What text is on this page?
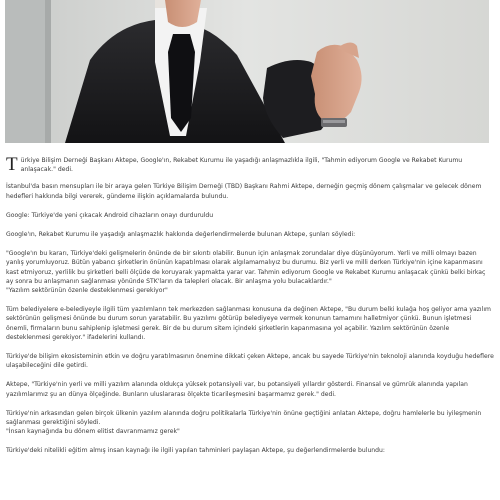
Türkiye Bilişim Derneği Başkanı Aktepe, Google'ın, Rekabet Kurumu ile yaşadığı anlaşmazlıkla ilgili, "Tahmin ediyorum Google ve Rekabet Kurumu anlaşacak." dedi.

İstanbul'da basın mensupları ile bir araya gelen Türkiye Bilişim Derneği (TBD) Başkanı Rahmi Aktepe, derneğin geçmiş dönem çalışmalar ve gelecek dönem hedefleri hakkında bilgi vererek, gündeme ilişkin açıklamalarda bulundu.

Google: Türkiye'de yeni çıkacak Android cihazların onayı durduruldu

Google'ın, Rekabet Kurumu ile yaşadığı anlaşmazlık hakkında değerlendirmelerde bulunan Aktepe, şunları söyledi:

"Google'ın bu kararı, Türkiye'deki gelişmelerin önünde de bir sıkıntı olabilir. Bunun için anlaşmak zorundalar diye düşünüyorum. Yerli ve milli olmayı bazen yanlış yorumluyoruz. Bütün yabancı şirketlerin önünün kapatılması olarak algılamamalıyız bu durumu. Biz yerli ve milli derken Türkiye'nin içine kapanmasını kast etmiyoruz, yerlilik bu şirketleri belli ölçüde de koruyarak yapmakta yarar var. Tahmin ediyorum Google ve Rekabet Kurumu anlaşacak çünkü belki birkaç ay sonra bu anlaşmanın sağlanması yönünde STK'ların da talepleri olacak. Bir anlaşma yolu bulacaklardır."
"Yazılım sektörünün özenle desteklenmesi gerekiyor"

Tüm belediyelere e-belediyeyle ilgili tüm yazılımların tek merkezden sağlanması konusuna da değinen Aktepe, "Bu durum belki kulağa hoş geliyor ama yazılım sektörünün gelişmesi önünde bu durum sorun yaratabilir. Bu yazılımı götürüp belediyeye vermek konunun tamamını halletmiyor çünkü. Bunun işletmesi önemli, firmaların bunu sahiplenip işletmesi gerek. Bir de bu durum sitem içindeki şirketlerin kapanmasına yol açabilir. Yazılım sektörünün özenle desteklenmesi gerekiyor." ifadelerini kullandı.

Türkiye'de bilişim ekosisteminin etkin ve doğru yaratılmasının önemine dikkati çeken Aktepe, ancak bu sayede Türkiye'nin teknoloji alanında koyduğu hedeflere ulaşabileceğini dile getirdi.

Aktepe, "Türkiye'nin yerli ve milli yazılım alanında oldukça yüksek potansiyeli var, bu potansiyeli yıllardır gösterdi. Finansal ve gümrük alanında yapılan yazılımlarımız şu an dünya ölçeğinde. Bunların uluslararası ölçekte ticarileşmesini başarmamız gerek." dedi.

Türkiye'nin arkasından gelen birçok ülkenin yazılım alanında doğru politikalarla Türkiye'nin önüne geçtiğini anlatan Aktepe, doğru hamlelerle bu iyileşmenin sağlanması gerektiğini söyledi.
"İnsan kaynağında bu dönem elitist davranmamız gerek"

Türkiye'deki nitelikli eğitim almış insan kaynağı ile ilgili yapılan tahminleri paylaşan Aktepe, şu değerlendirmelerde bulundu:
